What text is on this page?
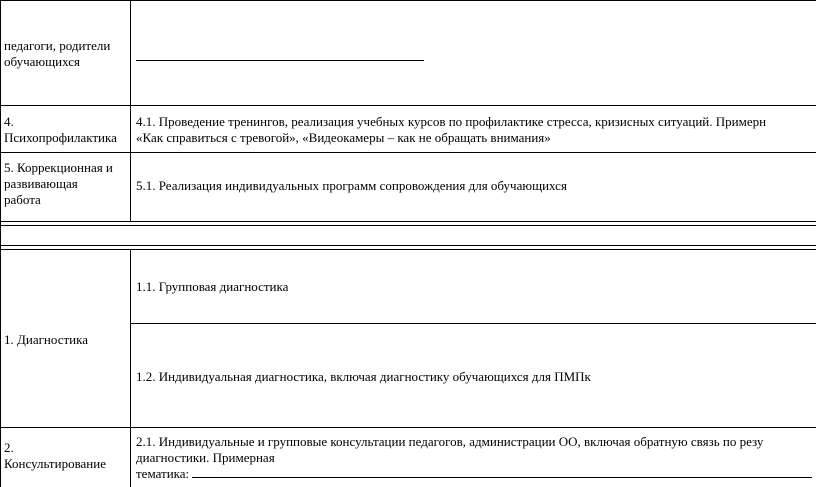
педагоги, родители
обучающихся
4.
Психопрофилактика
4.1. Проведение тренингов, реализация учебных курсов по профилактике стресса, кризисных ситуаций. Примерн
«Как справиться с тревогой», «Видеокамеры – как не обращать внимания»
5. Коррекционная и
развивающая
работа
5.1. Реализация индивидуальных программ сопровождения для обучающихся
1. Диагностика
1.1. Групповая диагностика
1.2. Индивидуальная диагностика, включая диагностику обучающихся для ПМПк
2.
Консультирование
2.1. Индивидуальные и групповые консультации педагогов, администрации ОО, включая обратную связь по резу
диагностики. Примерная
тематика:
